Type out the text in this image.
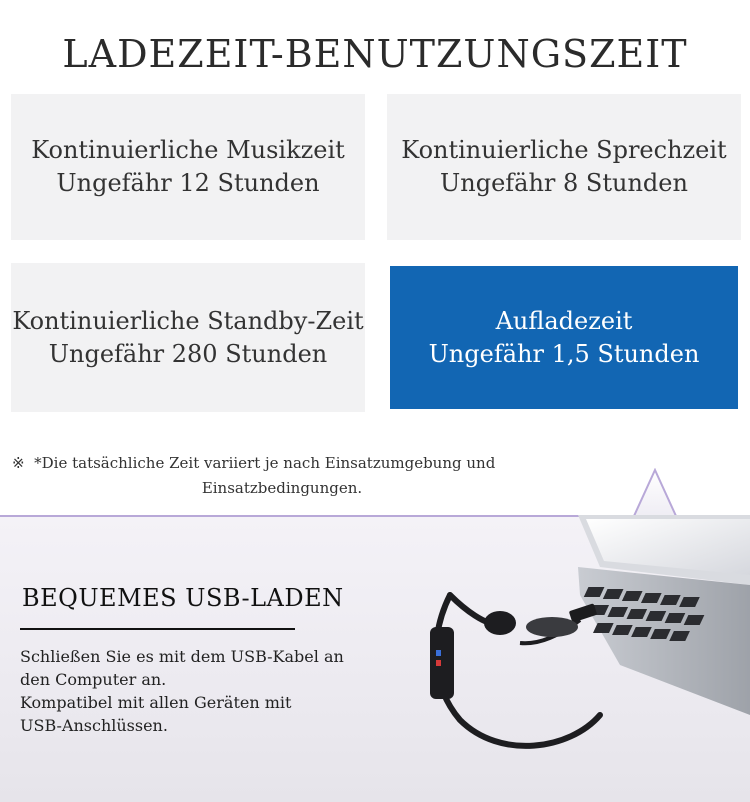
LADEZEIT-BENUTZUNGSZEIT
Kontinuierliche Musikzeit
Ungefähr 12 Stunden
Kontinuierliche Sprechzeit
Ungefähr 8 Stunden
Kontinuierliche Standby-Zeit
Ungefähr 280 Stunden
Aufladezeit
Ungefähr 1,5 Stunden
※ *Die tatsächliche Zeit variiert je nach Einsatzumgebung und
Einsatzbedingungen.
BEQUEMES USB-LADEN
Schließen Sie es mit dem USB-Kabel an
den Computer an.
Kompatibel mit allen Geräten mit
USB-Anschlüssen.
